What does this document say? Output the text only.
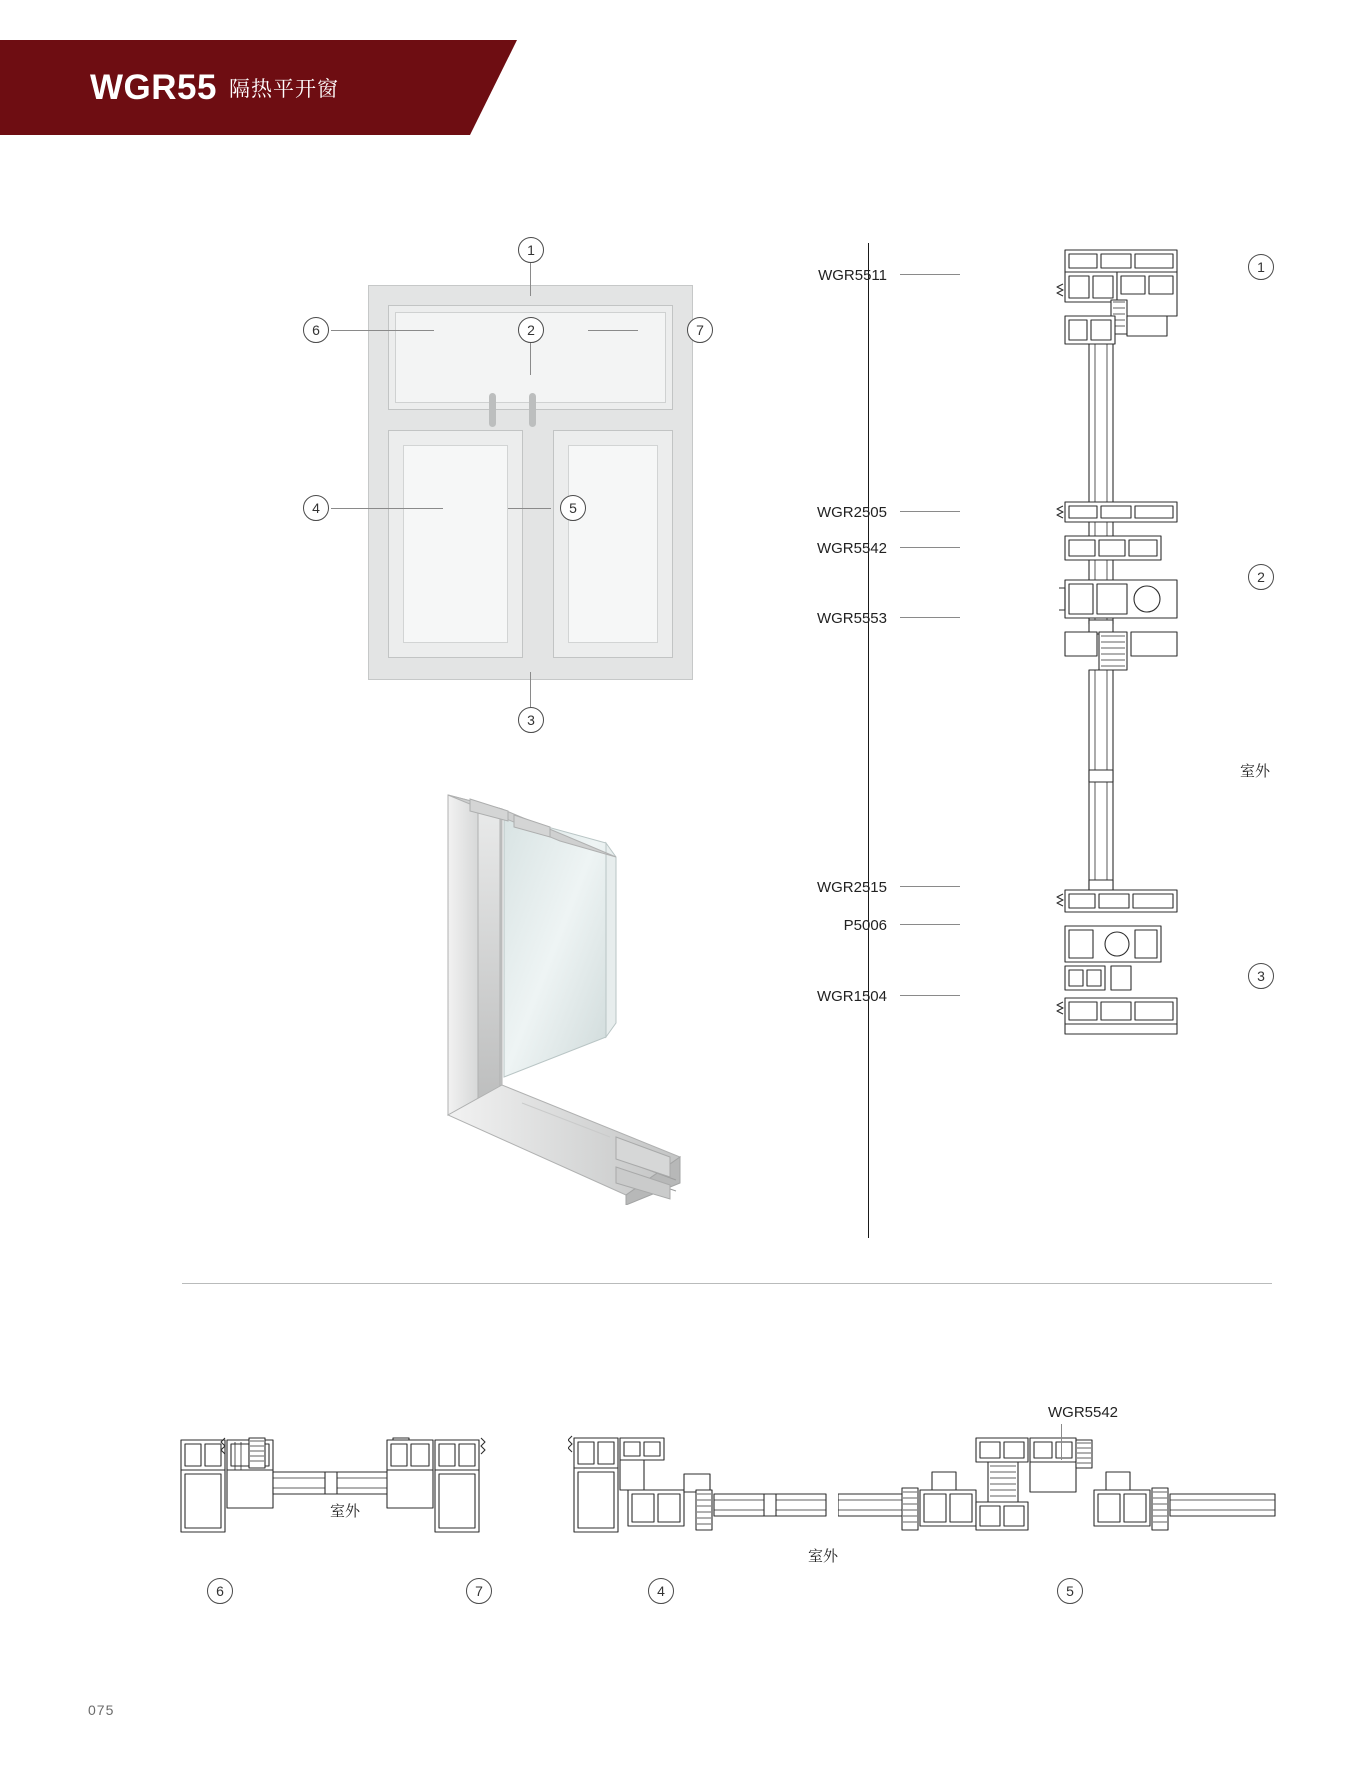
WGR55 隔热平开窗
1
2
3
4	5
6	7
WGR5511
WGR2505
WGR5542
WGR5553
WGR2515
P5006
WGR1504
室外
1
2
3
室外
6	7
室外
4
WGR5542
5
075
